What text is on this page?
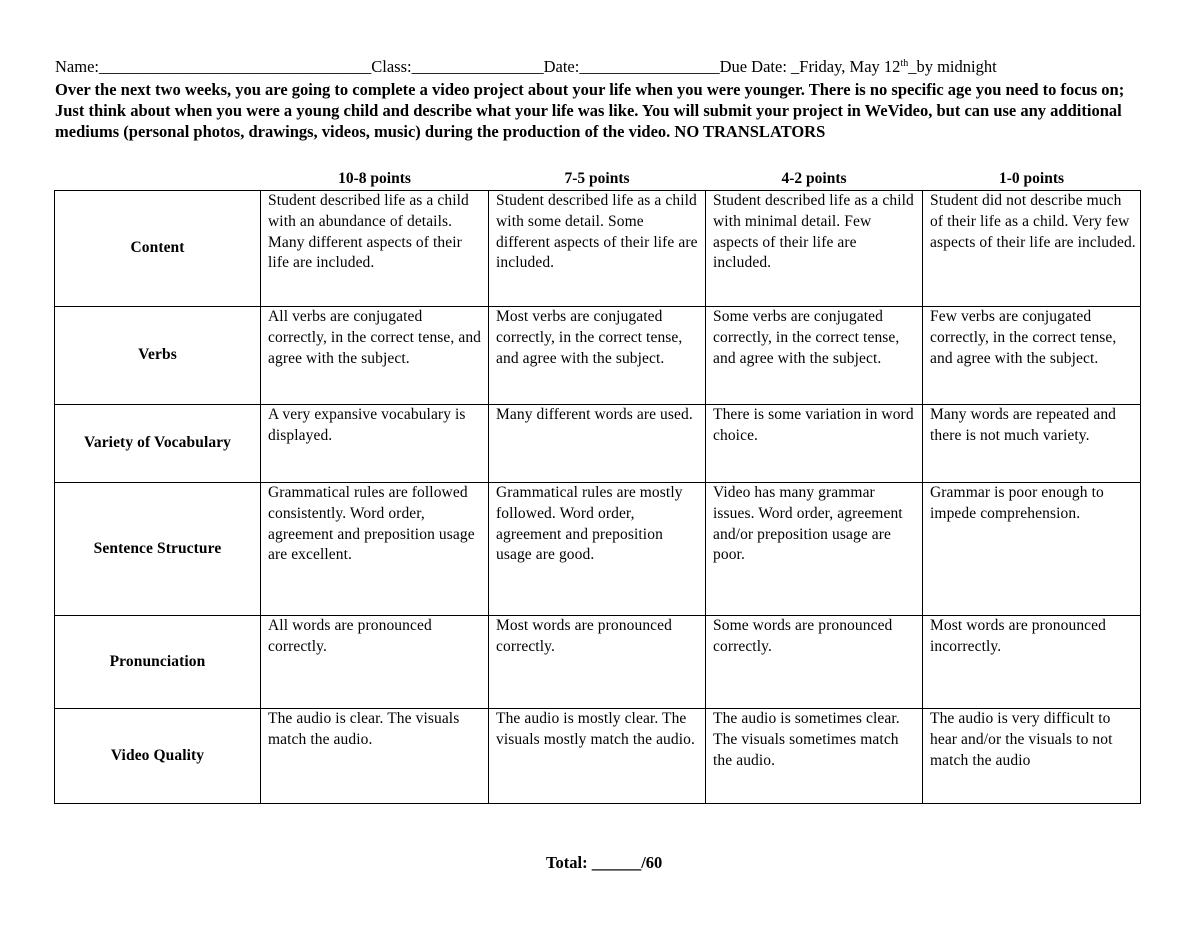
Name:_________________________________Class:________________Date:_________________Due Date: _Friday, May 12th_by midnight
Over the next two weeks, you are going to complete a video project about your life when you were younger. There is no specific age you need to focus on; Just think about when you were a young child and describe what your life was like. You will submit your project in WeVideo, but can use any additional mediums (personal photos, drawings, videos, music) during the production of the video. NO TRANSLATORS
	10-8 points	7-5 points	4-2 points	1-0 points
Content	Student described life as a child with an abundance of details. Many different aspects of their life are included.	Student described life as a child with some detail. Some different aspects of their life are included.	Student described life as a child with minimal detail. Few aspects of their life are included.	Student did not describe much of their life as a child. Very few aspects of their life are included.
Verbs	All verbs are conjugated correctly, in the correct tense, and agree with the subject.	Most verbs are conjugated correctly, in the correct tense, and agree with the subject.	Some verbs are conjugated correctly, in the correct tense, and agree with the subject.	Few verbs are conjugated correctly, in the correct tense, and agree with the subject.
Variety of Vocabulary	A very expansive vocabulary is displayed.	Many different words are used.	There is some variation in word choice.	Many words are repeated and there is not much variety.
Sentence Structure	Grammatical rules are followed consistently. Word order, agreement and preposition usage are excellent.	Grammatical rules are mostly followed. Word order, agreement and preposition usage are good.	Video has many grammar issues. Word order, agreement and/or preposition usage are poor.	Grammar is poor enough to impede comprehension.
Pronunciation	All words are pronounced correctly.	Most words are pronounced correctly.	Some words are pronounced correctly.	Most words are pronounced incorrectly.
Video Quality	The audio is clear. The visuals match the audio.	The audio is mostly clear. The visuals mostly match the audio.	The audio is sometimes clear. The visuals sometimes match the audio.	The audio is very difficult to hear and/or the visuals to not match the audio
Total: ______/60
